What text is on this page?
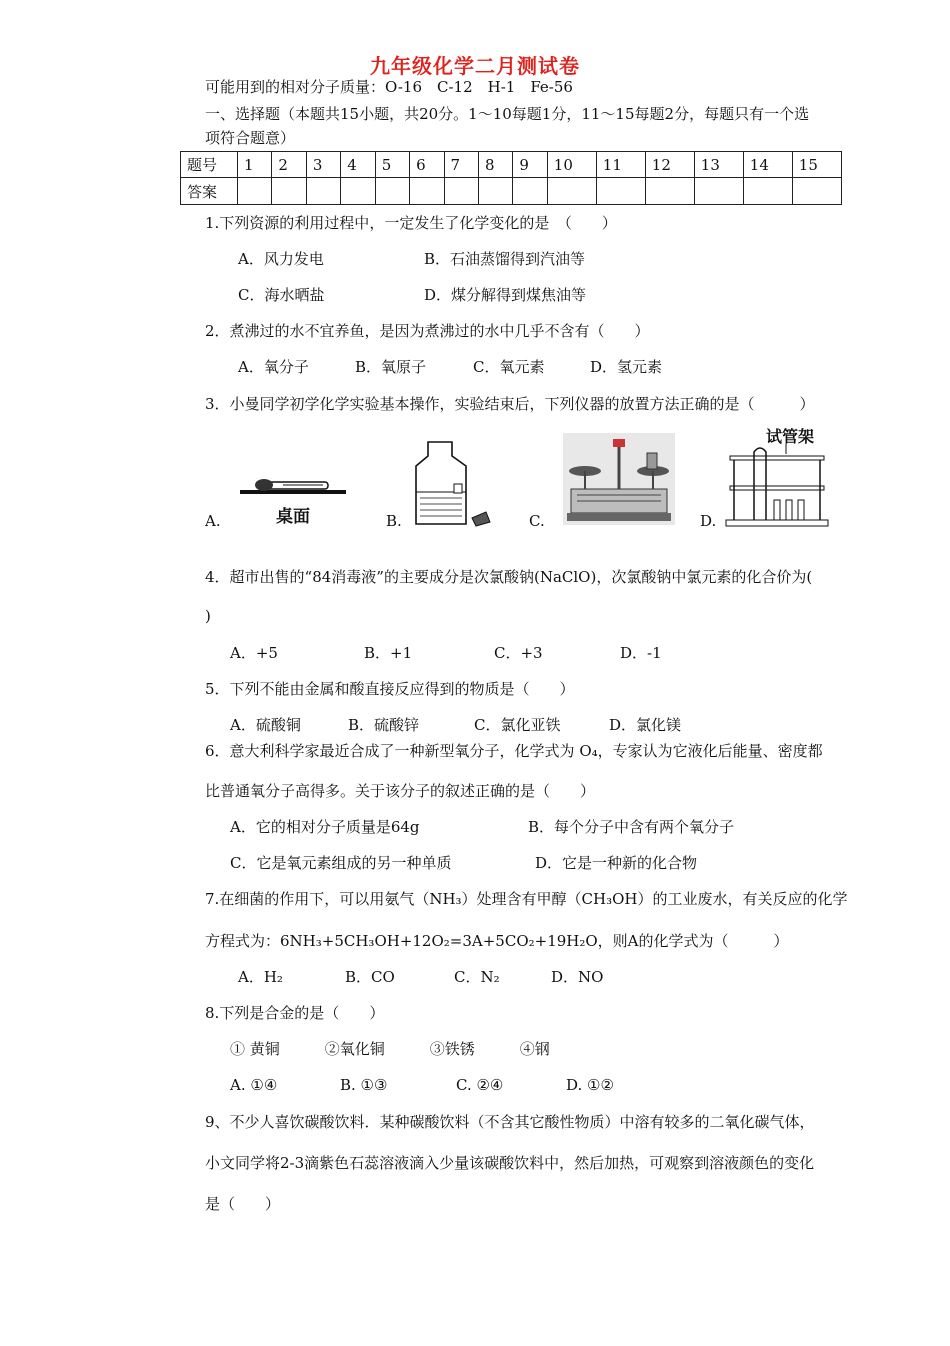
九年级化学二月测试卷
可能用到的相对分子质量：O-16　C-12　H-1　Fe-56
一、选择题（本题共15小题，共20分。1～10每题1分，11～15每题2分，每题只有一个选
项符合题意）
题号	1	2	3	4	5	6	7	8	9	10	11	12	13	14	15
答案															
1.下列资源的利用过程中，一定发生了化学变化的是　（　　）
A．风力发电	B．石油蒸馏得到汽油等
C．海水晒盐	D．煤分解得到煤焦油等
2．煮沸过的水不宜养鱼，是因为煮沸过的水中几乎不含有（　　）
A．氧分子	B．氧原子	C．氧元素	D．氢元素
3．小曼同学初学化学实验基本操作，实验结束后，下列仪器的放置方法正确的是（　　　）
A.	桌面	B.	C.	D.
试管架
4．超市出售的“84消毒液”的主要成分是次氯酸钠(NaClO)，次氯酸钠中氯元素的化合价为(
)
A．+5	B．+1	C．+3	D．-1
5．下列不能由金属和酸直接反应得到的物质是（　　）
A．硫酸铜	B．硫酸锌	C．氯化亚铁	D．氯化镁
6．意大利科学家最近合成了一种新型氧分子，化学式为 O₄，专家认为它液化后能量、密度都
比普通氧分子高得多。关于该分子的叙述正确的是（　　）
A．它的相对分子质量是64g	B．每个分子中含有两个氧分子
C．它是氧元素组成的另一种单质	D．它是一种新的化合物
7.在细菌的作用下，可以用氨气（NH₃）处理含有甲醇（CH₃OH）的工业废水，有关反应的化学
方程式为：6NH₃+5CH₃OH+12O₂=3A+5CO₂+19H₂O，则A的化学式为（　　　）
A．H₂	B．CO	C．N₂	D．NO
8.下列是合金的是（　　）
① 黄铜　　　②氧化铜　　　③铁锈　　　④钢
A. ①④	B. ①③	C. ②④	D. ①②
9、不少人喜饮碳酸饮料．某种碳酸饮料（不含其它酸性物质）中溶有较多的二氧化碳气体，
小文同学将2-3滴紫色石蕊溶液滴入少量该碳酸饮料中，然后加热，可观察到溶液颜色的变化
是（　　）
